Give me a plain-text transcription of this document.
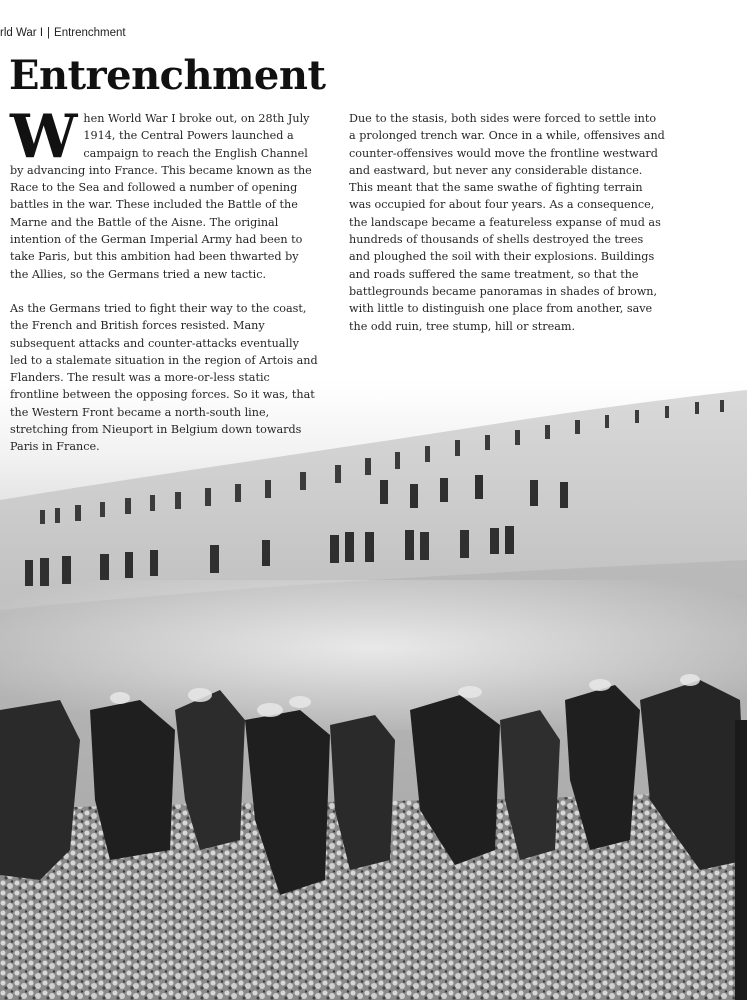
rld War I | Entrenchment
Entrenchment

When World War I broke out, on 28th July 1914, the Central Powers launched a campaign to reach the English Channel by advancing into France. This became known as the Race to the Sea and followed a number of opening battles in the war. These included the Battle of the Marne and the Battle of the Aisne. The original intention of the German Imperial Army had been to take Paris, but this ambition had been thwarted by the Allies, so the Germans tried a new tactic.

As the Germans tried to fight their way to the coast, the French and British forces resisted. Many subsequent attacks and counter-attacks eventually led to a stalemate situation in the region of Artois and Flanders. The result was a more-or-less static frontline between the opposing forces. So it was, that the Western Front became a north-south line, stretching from Nieuport in Belgium down towards Paris in France.

Due to the stasis, both sides were forced to settle into a prolonged trench war. Once in a while, offensives and counter-offensives would move the frontline westward and eastward, but never any considerable distance. This meant that the same swathe of fighting terrain was occupied for about four years. As a consequence, the landscape became a featureless expanse of mud as hundreds of thousands of shells destroyed the trees and ploughed the soil with their explosions. Buildings and roads suffered the same treatment, so that the battlegrounds became panoramas in shades of brown, with little to distinguish one place from another, save the odd ruin, tree stump, hill or stream.
